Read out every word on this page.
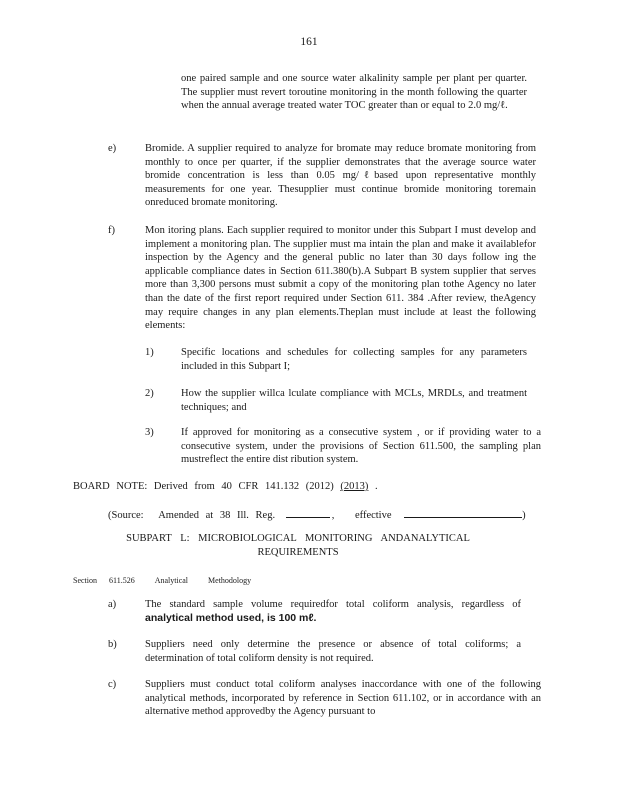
161
one paired sample and one source water alkalinity sample per plant per quarter. The supplier must revert toroutine monitoring in the month following the quarter when the annual average treated water TOC greater than or equal to 2.0 mg/ℓ.
e)	Bromide. A supplier required to analyze for bromate may reduce bromate monitoring from monthly to once per quarter, if the supplier demonstrates that the average source water bromide concentration is less than 0.05 mg/ℓbased upon representative monthly measurements for one year. Thesupplier must continue bromide monitoring toremain onreduced bromate monitoring.
f)	Mon itoring plans. Each supplier required to monitor under this Subpart I must develop and implement a monitoring plan. The supplier must ma intain the plan and make it availablefor inspection by the Agency and the general public no later than 30 days follow ing the applicable compliance dates in Section 611.380(b).A Subpart B system supplier that serves more than 3,300 persons must submit a copy of the monitoring plan tothe Agency no later than the date of the first report required under Section 611. 384 .After review, theAgency may require changes in any plan elements.Theplan must include at least the following elements:
1)	Specific locations and schedules for collecting samples for any parameters included in this Subpart I;
2)	How the supplier willca lculate compliance with MCLs, MRDLs, and treatment techniques; and
3)	If approved for monitoring as a consecutive system , or if providing water to a consecutive system, under the provisions of Section 611.500, the sampling plan mustreflect the entire dist ribution system.
BOARD NOTE: Derived from 40 CFR 141.132 (2012) (2013) .
(Source: Amended at 38 Ill. Reg.	, effective	)
SUBPART L: MICROBIOLOGICAL MONITORING ANDANALYTICAL
REQUIREMENTS
Section 611.526	Analytical Methodology
a)	The standard sample volume requiredfor total coliform analysis, regardless of
analytical method used, is 100 mℓ.
b)	Suppliers need only determine the presence or absence of total coliforms; a determination of total coliform density is not required.
c)	Suppliers must conduct total coliform analyses inaccordance with one of the following analytical methods, incorporated by reference in Section 611.102, or in accordance with an alternative method approvedby the Agency pursuant to
